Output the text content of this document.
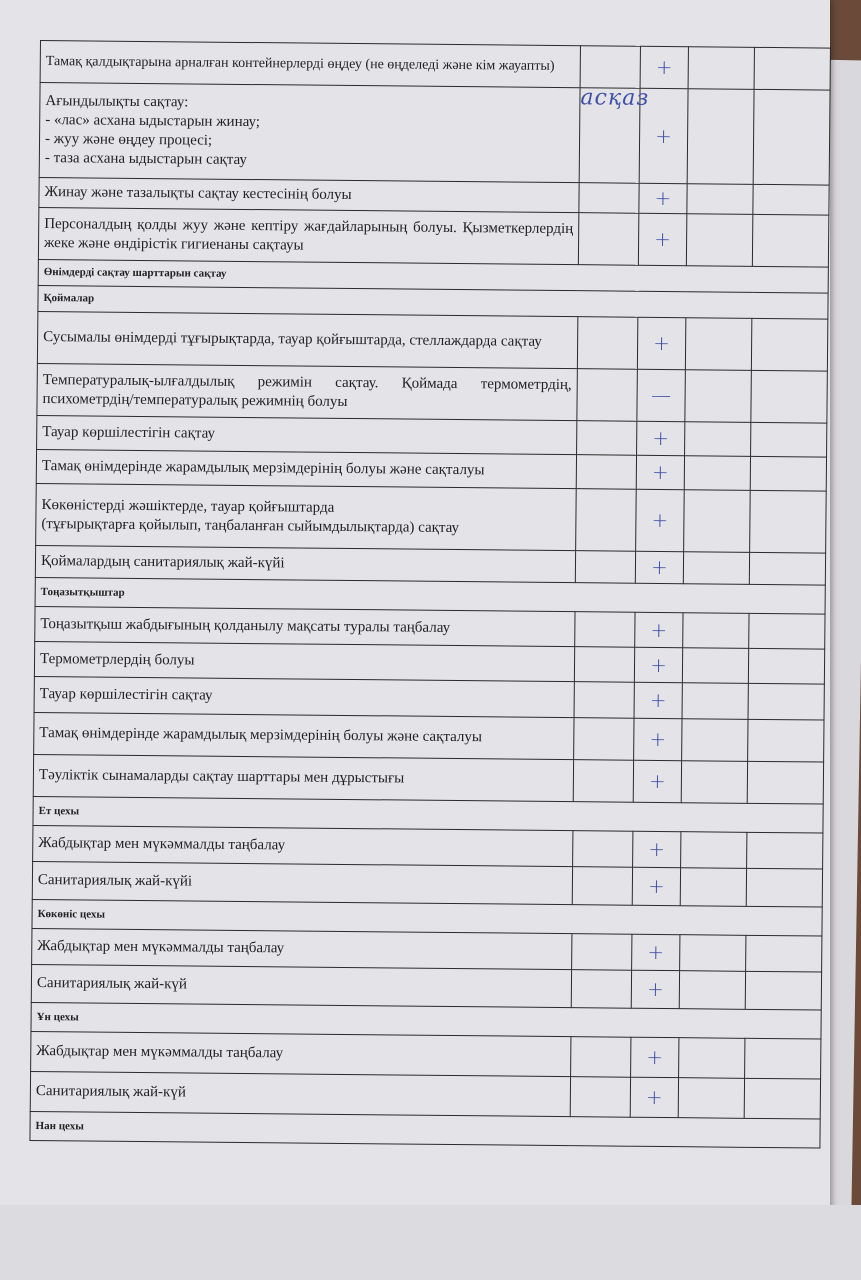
Тамақ қалдықтарына арналған контейнерлерді өңдеу (не өңделеді және кім жауапты)		+		

Ағындылықты сақтау:
- «лас» асхана ыдыстарын жинау;
- жуу және өңдеу процесі;
- таза асхана ыдыстарын сақтау	асқаз	+		
Жинау және тазалықты сақтау кестесінің болуы		+		
Персоналдың қолды жуу және кептіру жағдайларының болуы. Қызметкерлердің жеке және өндірістік гигиенаны сақтауы		+		
Өнімдерді сақтау шарттарын сақтау				
Қоймалар				
Сусымалы өнімдерді тұғырықтарда, тауар қойғыштарда, стеллаждарда сақтау		+		
Температуралық-ылғалдылық режимін сақтау. Қоймада термометрдің, психометрдің/температуралық режимнің болуы		—		
Тауар көршілестігін сақтау		+		
Тамақ өнімдерінде жарамдылық мерзімдерінің болуы және сақталуы		+		

Көкөністерді жәшіктерде, тауар қойғыштарда
(тұғырықтарға қойылып, таңбаланған сыйымдылықтарда) сақтау		+		
Қоймалардың санитариялық жай-күйі		+		
Тоңазытқыштар				
Тоңазытқыш жабдығының қолданылу мақсаты туралы таңбалау		+		
Термометрлердің болуы		+		
Тауар көршілестігін сақтау		+		
Тамақ өнімдерінде жарамдылық мерзімдерінің болуы және сақталуы		+		
Тәуліктік сынамаларды сақтау шарттары мен дұрыстығы		+		
Ет цехы				
Жабдықтар мен мүкәммалды таңбалау		+		
Санитариялық жай-күйі		+		
Көкөніс цехы				
Жабдықтар мен мүкәммалды таңбалау		+		
Санитариялық жай-күй		+		
Ұн цехы				
Жабдықтар мен мүкәммалды таңбалау		+		
Санитариялық жай-күй		+		
Нан цехы				
